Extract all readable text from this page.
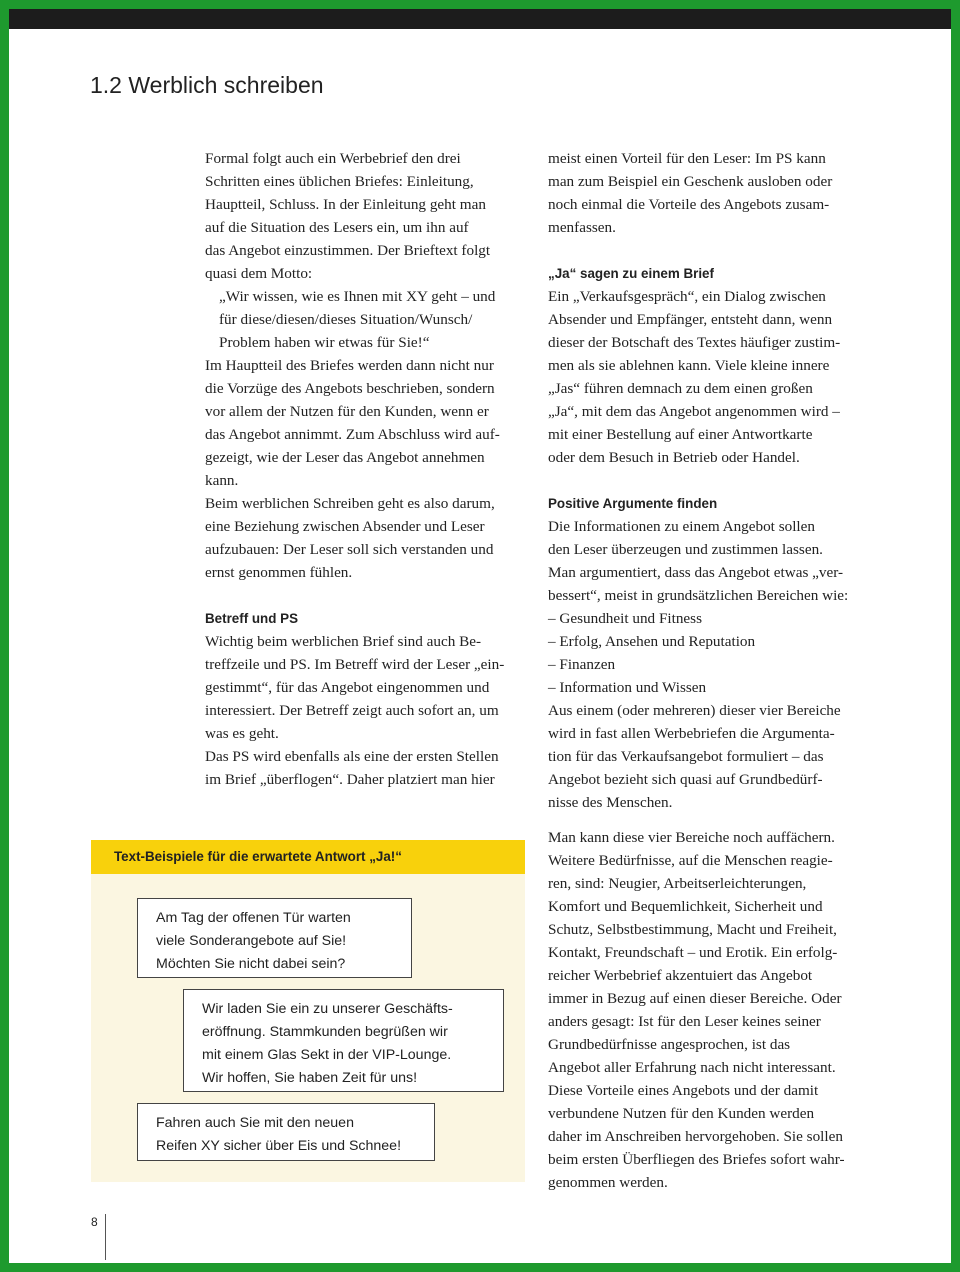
1.2 Werblich schreiben

Formal folgt auch ein Werbebrief den drei
Schritten eines üblichen Briefes: Einleitung,
Hauptteil, Schluss. In der Einleitung geht man
auf die Situation des Lesers ein, um ihn auf
das Angebot einzustimmen. Der Brieftext folgt
quasi dem Motto:

„Wir wissen, wie es Ihnen mit XY geht – und
für diese/diesen/dieses Situation/Wunsch/
Problem haben wir etwas für Sie!“

Im Hauptteil des Briefes werden dann nicht nur
die Vorzüge des Angebots beschrieben, sondern
vor allem der Nutzen für den Kunden, wenn er
das Angebot annimmt. Zum Abschluss wird auf-
gezeigt, wie der Leser das Angebot annehmen
kann.

Beim werblichen Schreiben geht es also darum,
eine Beziehung zwischen Absender und Leser
aufzubauen: Der Leser soll sich verstanden und
ernst genommen fühlen.

Betreff und PS

Wichtig beim werblichen Brief sind auch Be-
treffzeile und PS. Im Betreff wird der Leser „ein-
gestimmt“, für das Angebot eingenommen und
interessiert. Der Betreff zeigt auch sofort an, um
was es geht.

Das PS wird ebenfalls als eine der ersten Stellen
im Brief „überflogen“. Daher platziert man hier

meist einen Vorteil für den Leser: Im PS kann
man zum Beispiel ein Geschenk ausloben oder
noch einmal die Vorteile des Angebots zusam-
menfassen.

„Ja“ sagen zu einem Brief

Ein „Verkaufsgespräch“, ein Dialog zwischen
Absender und Empfänger, entsteht dann, wenn
dieser der Botschaft des Textes häufiger zustim-
men als sie ablehnen kann. Viele kleine innere
„Jas“ führen demnach zu dem einen großen
„Ja“, mit dem das Angebot angenommen wird –
mit einer Bestellung auf einer Antwortkarte
oder dem Besuch in Betrieb oder Handel.

Positive Argumente finden

Die Informationen zu einem Angebot sollen
den Leser überzeugen und zustimmen lassen.
Man argumentiert, dass das Angebot etwas „ver-
bessert“, meist in grundsätzlichen Bereichen wie:

– Gesundheit und Fitness
– Erfolg, Ansehen und Reputation
– Finanzen
– Information und Wissen

Aus einem (oder mehreren) dieser vier Bereiche
wird in fast allen Werbebriefen die Argumenta-
tion für das Verkaufsangebot formuliert – das
Angebot bezieht sich quasi auf Grundbedürf-
nisse des Menschen.

Man kann diese vier Bereiche noch auffächern.
Weitere Bedürfnisse, auf die Menschen reagie-
ren, sind: Neugier, Arbeitserleichterungen,
Komfort und Bequemlichkeit, Sicherheit und
Schutz, Selbstbestimmung, Macht und Freiheit,
Kontakt, Freundschaft – und Erotik. Ein erfolg-
reicher Werbebrief akzentuiert das Angebot
immer in Bezug auf einen dieser Bereiche. Oder
anders gesagt: Ist für den Leser keines seiner
Grundbedürfnisse angesprochen, ist das
Angebot aller Erfahrung nach nicht interessant.
Diese Vorteile eines Angebots und der damit
verbundene Nutzen für den Kunden werden
daher im Anschreiben hervorgehoben. Sie sollen
beim ersten Überfliegen des Briefes sofort wahr-
genommen werden.

Text-Beispiele für die erwartete Antwort „Ja!“
Am Tag der offenen Tür warten
viele Sonderangebote auf Sie!
Möchten Sie nicht dabei sein?
Wir laden Sie ein zu unserer Geschäfts-
eröffnung. Stammkunden begrüßen wir
mit einem Glas Sekt in der VIP-Lounge.
Wir hoffen, Sie haben Zeit für uns!
Fahren auch Sie mit den neuen
Reifen XY sicher über Eis und Schnee!
8
